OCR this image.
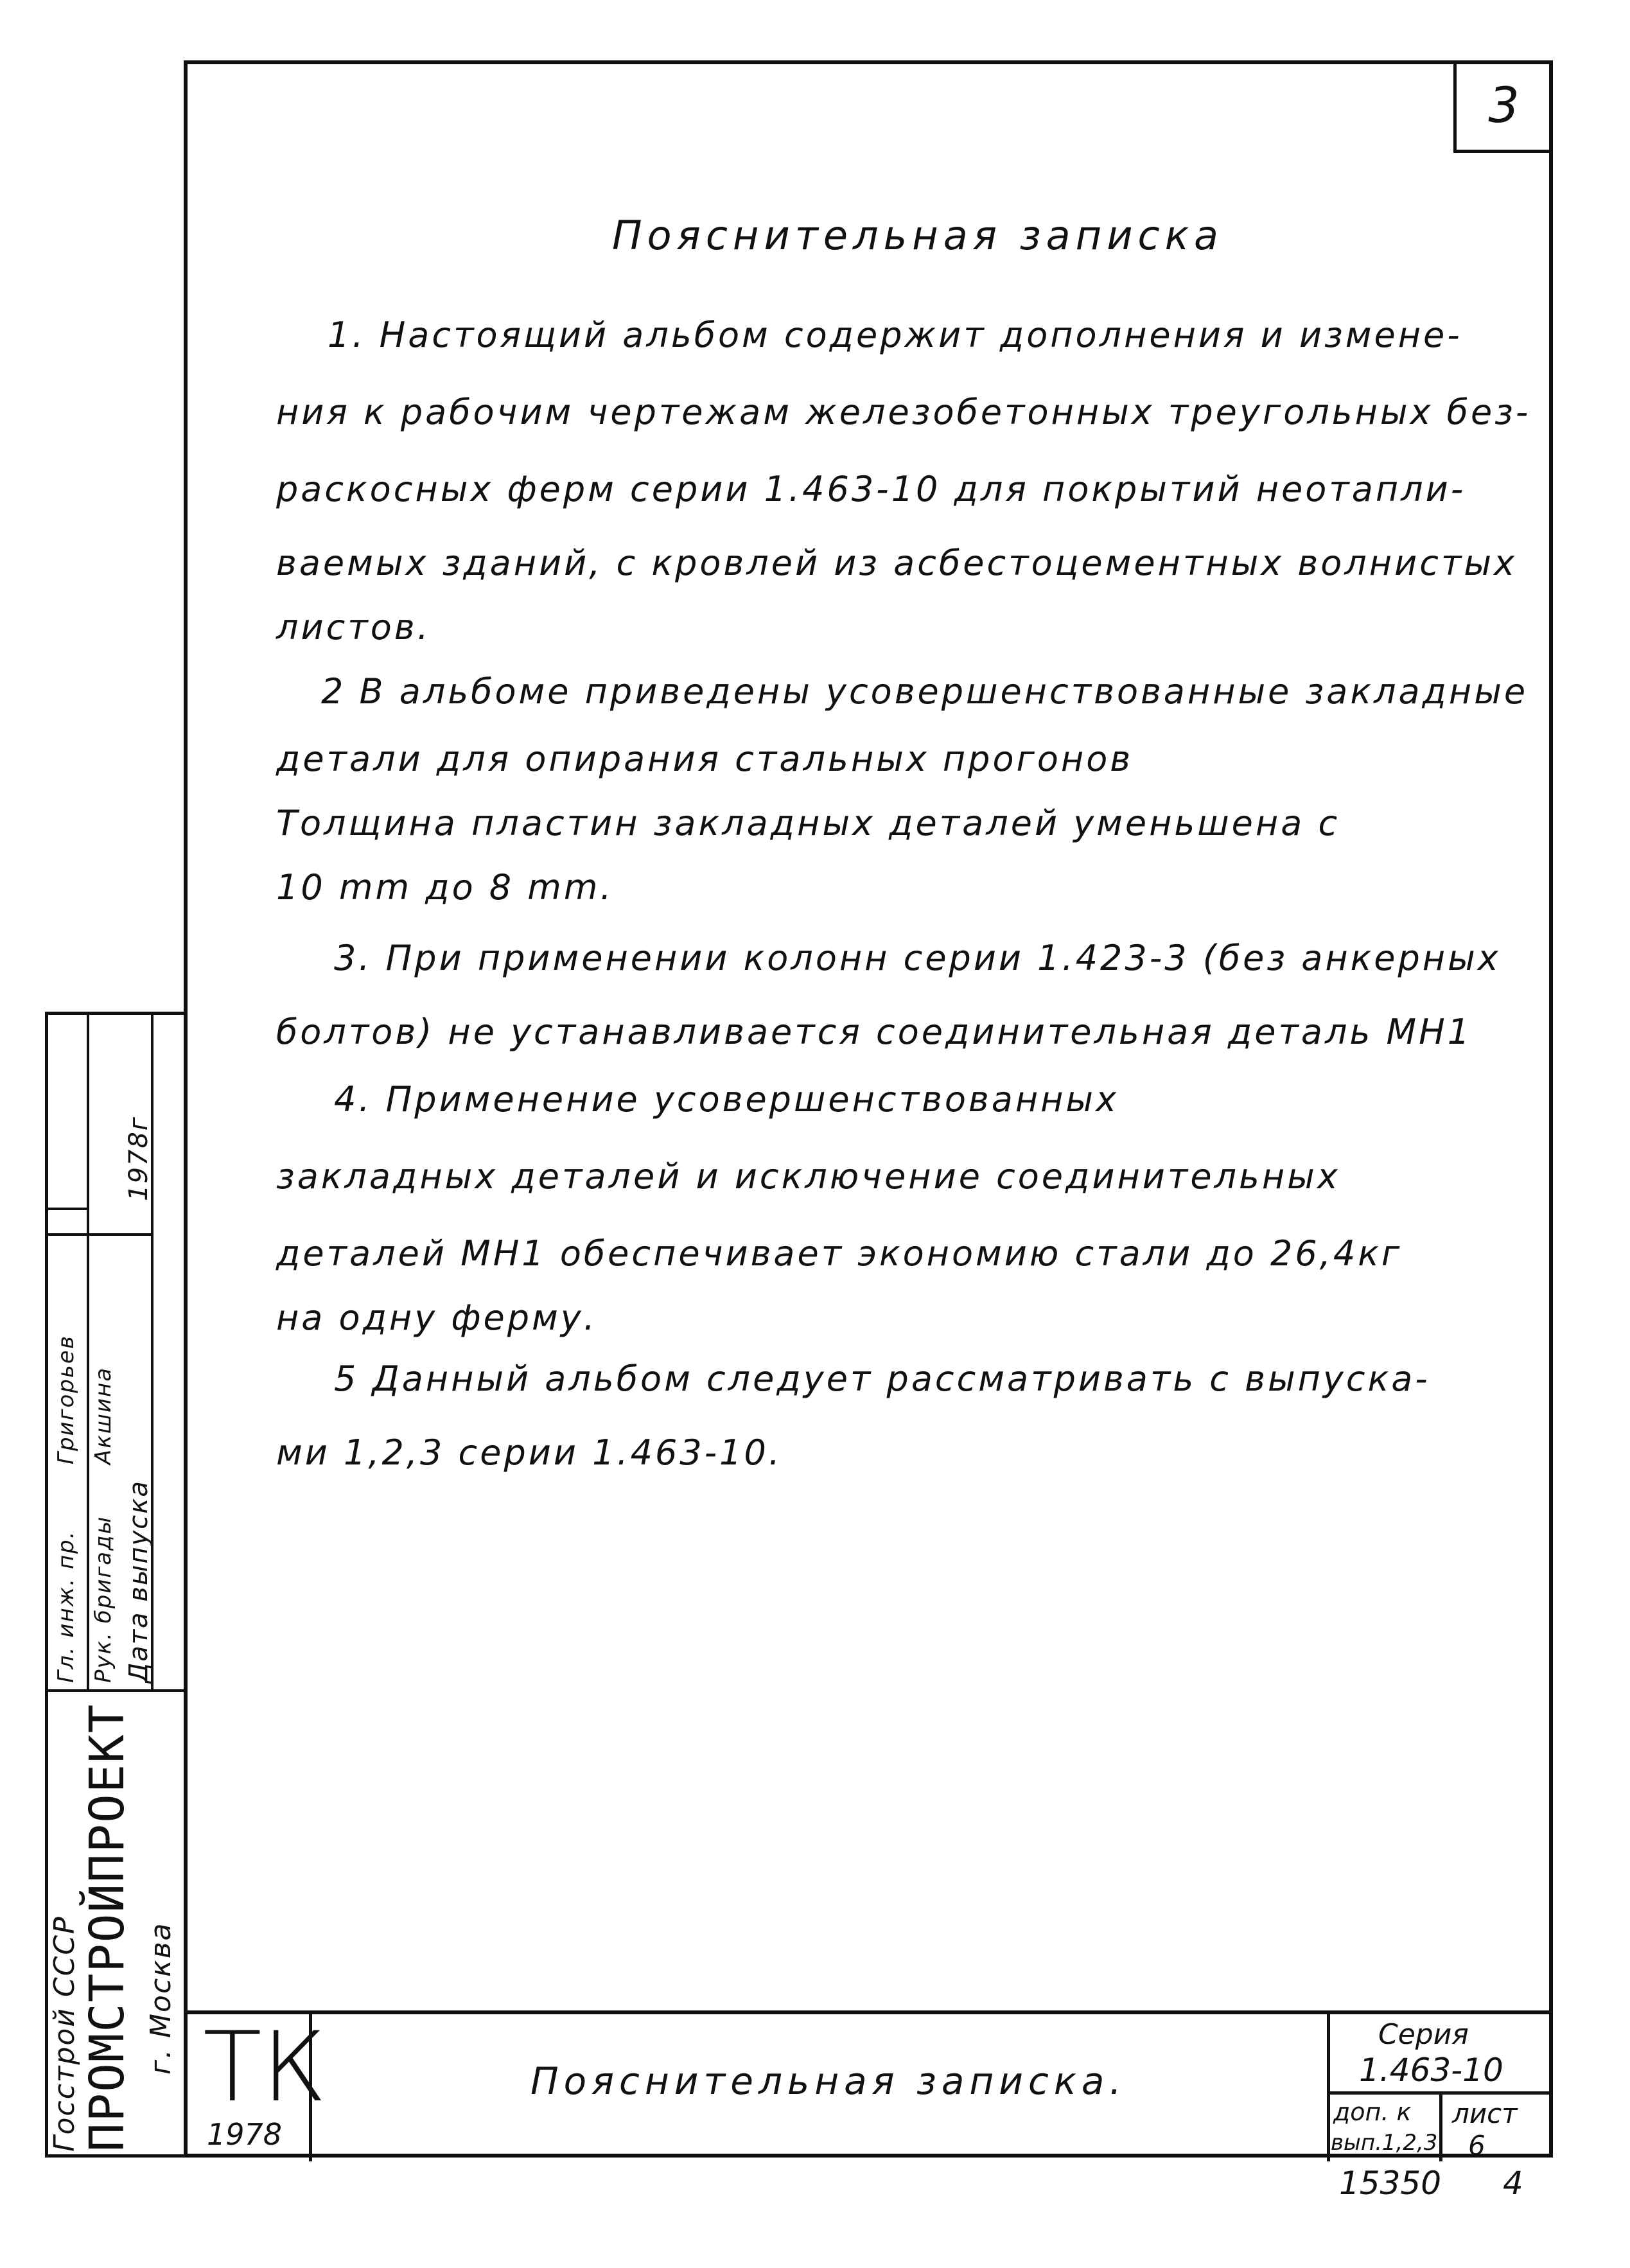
3
Пояснительная записка
1. Настоящий альбом содержит дополнения и измене-
ния к рабочим чертежам железобетонных треугольных без-
раскосных ферм серии 1.463-10 для покрытий неотапли-
ваемых зданий, с кровлей из асбестоцементных волнистых
листов.
2 В альбоме приведены усовершенствованные закладные
детали для опирания стальных прогонов
Толщина пластин закладных деталей уменьшена с
10 mm до 8 mm.
3. При применении колонн серии 1.423-3 (без анкерных
болтов) не устанавливается соединительная деталь МН1
4. Применение усовершенствованных
закладных деталей и исключение соединительных
деталей МН1 обеспечивает экономию стали до 26,4кг
на одну ферму.
5 Данный альбом следует рассматривать с выпуска-
ми 1,2,3 серии 1.463-10.
Гл. инж. пр. Рук. бригады
Григорьев Акшина
Дата выпуска
1978г
Госстрой СССР
ПРОМСТРОЙПРОЕКТ г. Москва ТК
1978
Пояснительная записка.
Серия
1.463-10
доп. к
вып.1,2,3
лист
6
15350 4
